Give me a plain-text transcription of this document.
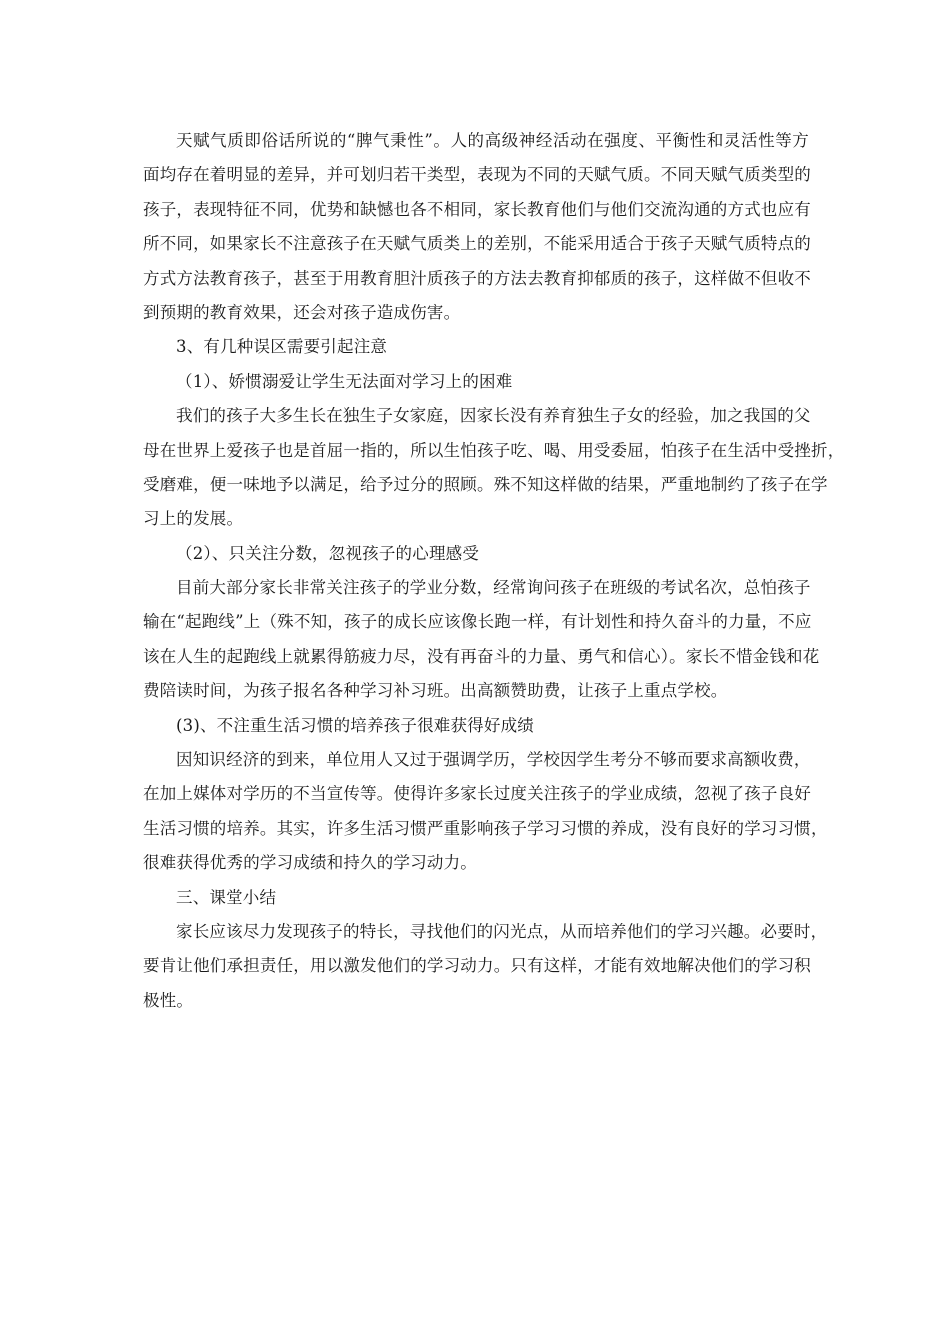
天赋气质即俗话所说的“脾气秉性”。人的高级神经活动在强度、平衡性和灵活性等方
面均存在着明显的差异，并可划归若干类型，表现为不同的天赋气质。不同天赋气质类型的
孩子，表现特征不同，优势和缺憾也各不相同，家长教育他们与他们交流沟通的方式也应有
所不同，如果家长不注意孩子在天赋气质类上的差别，不能采用适合于孩子天赋气质特点的
方式方法教育孩子，甚至于用教育胆汁质孩子的方法去教育抑郁质的孩子，这样做不但收不
到预期的教育效果，还会对孩子造成伤害。
3、有几种误区需要引起注意
（1）、娇惯溺爱让学生无法面对学习上的困难
我们的孩子大多生长在独生子女家庭，因家长没有养育独生子女的经验，加之我国的父
母在世界上爱孩子也是首屈一指的，所以生怕孩子吃、喝、用受委屈，怕孩子在生活中受挫折，
受磨难，便一味地予以满足，给予过分的照顾。殊不知这样做的结果，严重地制约了孩子在学
习上的发展。
（2）、只关注分数，忽视孩子的心理感受
目前大部分家长非常关注孩子的学业分数，经常询问孩子在班级的考试名次，总怕孩子
输在“起跑线”上（殊不知，孩子的成长应该像长跑一样，有计划性和持久奋斗的力量，不应
该在人生的起跑线上就累得筋疲力尽，没有再奋斗的力量、勇气和信心）。家长不惜金钱和花
费陪读时间，为孩子报名各种学习补习班。出高额赞助费，让孩子上重点学校。
(3)、不注重生活习惯的培养孩子很难获得好成绩
因知识经济的到来，单位用人又过于强调学历，学校因学生考分不够而要求高额收费，
在加上媒体对学历的不当宣传等。使得许多家长过度关注孩子的学业成绩，忽视了孩子良好
生活习惯的培养。其实，许多生活习惯严重影响孩子学习习惯的养成，没有良好的学习习惯，
很难获得优秀的学习成绩和持久的学习动力。
三、课堂小结
家长应该尽力发现孩子的特长，寻找他们的闪光点，从而培养他们的学习兴趣。必要时，
要肯让他们承担责任，用以激发他们的学习动力。只有这样，才能有效地解决他们的学习积
极性。
